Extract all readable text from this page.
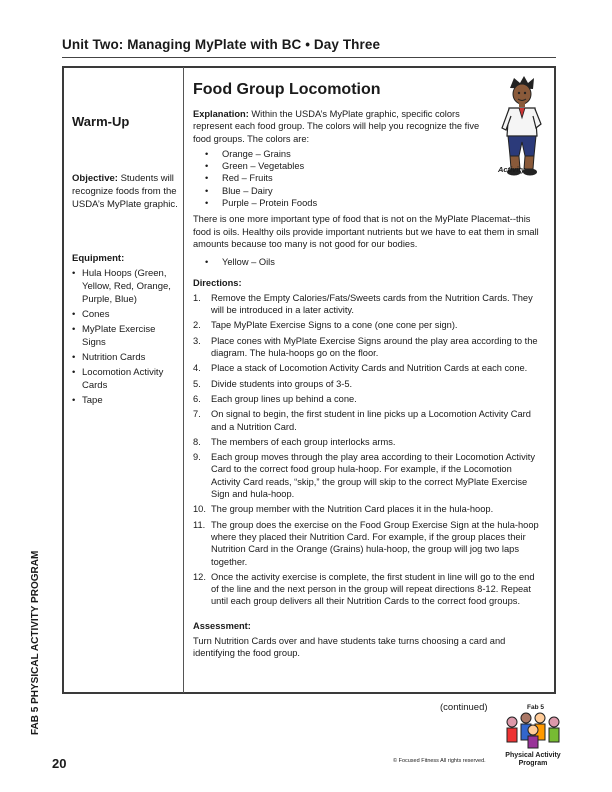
Unit Two: Managing MyPlate with BC • Day Three
Warm-Up
Objective: Students will recognize foods from the USDA’s MyPlate graphic.
Equipment:
• Hula Hoops (Green, Yellow, Red, Orange, Purple, Blue)
• Cones
• MyPlate Exercise Signs
• Nutrition Cards
• Locomotion Activity Cards
• Tape
Activity
Food Group Locomotion

Explanation: Within the USDA’s MyPlate graphic, specific colors represent each food group. The colors will help you recognize the five food groups. The colors are:

• Orange – Grains
• Green – Vegetables
• Red – Fruits
• Blue – Dairy
• Purple – Protein Foods

There is one more important type of food that is not on the MyPlate Placemat--this food is oils. Healthy oils provide important nutrients but we have to eat them in small amounts because too many is not good for our bodies.

• Yellow – Oils
Directions:
1. Remove the Empty Calories/Fats/Sweets cards from the Nutrition Cards. They will be introduced in a later activity.
2. Tape MyPlate Exercise Signs to a cone (one cone per sign).
3. Place cones with MyPlate Exercise Signs around the play area according to the diagram. The hula-hoops go on the floor.
4. Place a stack of Locomotion Activity Cards and Nutrition Cards at each cone.
5. Divide students into groups of 3-5.
6. Each group lines up behind a cone.
7. On signal to begin, the first student in line picks up a Locomotion Activity Card and a Nutrition Card.
8. The members of each group interlocks arms.
9. Each group moves through the play area according to their Locomotion Activity Card to the correct food group hula-hoop. For example, if the Locomotion Activity Card reads, “skip,” the group will skip to the correct MyPlate Exercise Sign and hula-hoop.
10. The group member with the Nutrition Card places it in the hula-hoop.
11. The group does the exercise on the Food Group Exercise Sign at the hula-hoop where they placed their Nutrition Card. For example, if the group places their Nutrition Card in the Orange (Grains) hula-hoop, the group will jog two laps together.
12. Once the activity exercise is complete, the first student in line will go to the end of the line and the next person in the group will repeat directions 8-12. Repeat until each group delivers all their Nutrition Cards to the correct food groups.
Assessment:

Turn Nutrition Cards over and have students take turns choosing a card and identifying the food group.

(continued)
FAB 5 PHYSICAL ACTIVITY PROGRAM
20	© Focused Fitness All rights reserved.
Fab 5
Physical Activity Program
